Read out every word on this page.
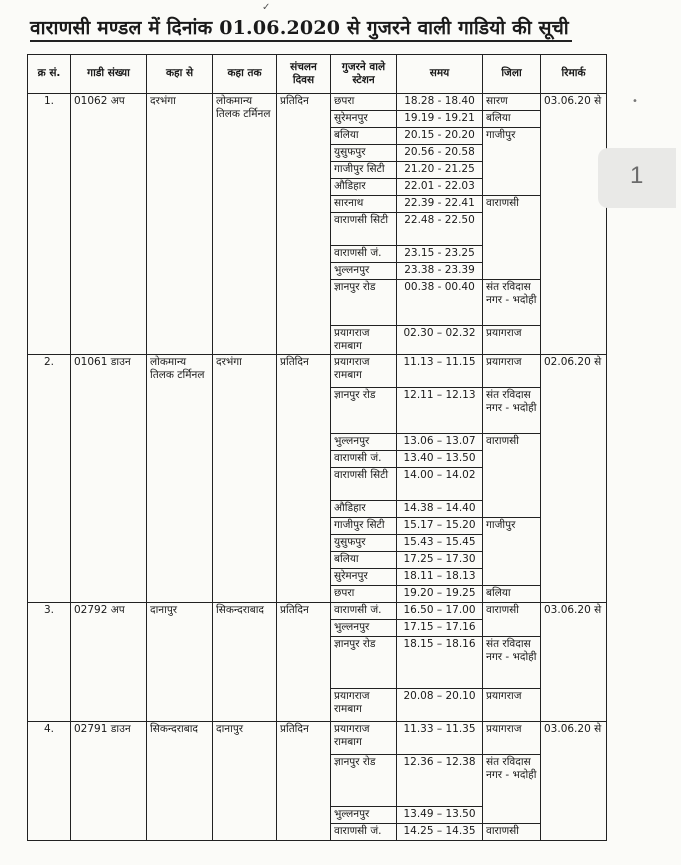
✓
वाराणसी मण्डल में दिनांक 01.06.2020 से गुजरने वाली गाडियो की सूची
•
क्र सं.	गाडी संख्या	कहा से	कहा तक	संचलन दिवस	गुजरने वाले स्टेशन	समय	जिला	रिमार्क
1.	01062 अप	दरभंगा	लोकमान्य तिलक टर्मिनल	प्रतिदिन	छपरा	18.28 - 18.40	सारण	03.06.20 से
					सुरेमनपुर	19.19 - 19.21	बलिया	
					बलिया	20.15 - 20.20	गाजीपुर	
					युसुफपुर	20.56 - 20.58		
					गाजीपुर सिटी	21.20 - 21.25		
					औडिहार	22.01 - 22.03		
					सारनाथ	22.39 - 22.41	वाराणसी	
					वाराणसी सिटी	22.48 - 22.50		
					वाराणसी जं.	23.15 - 23.25		
					भुल्लनपुर	23.38 - 23.39		
					ज्ञानपुर रोड	00.38 - 00.40	संत रविदास नगर - भदोही	
					प्रयागराज रामबाग	02.30 – 02.32	प्रयागराज	
2.	01061 डाउन	लोकमान्य तिलक टर्मिनल	दरभंगा	प्रतिदिन	प्रयागराज रामबाग	11.13 – 11.15	प्रयागराज	02.06.20 से
					ज्ञानपुर रोड	12.11 – 12.13	संत रविदास नगर - भदोही	
					भुल्लनपुर	13.06 – 13.07	वाराणसी	
					वाराणसी जं.	13.40 – 13.50		
					वाराणसी सिटी	14.00 – 14.02		
					औडिहार	14.38 – 14.40		
					गाजीपुर सिटी	15.17 – 15.20	गाजीपुर	
					युसुफपुर	15.43 – 15.45		
					बलिया	17.25 – 17.30		
					सुरेमनपुर	18.11 – 18.13		
					छपरा	19.20 – 19.25	बलिया	
3.	02792 अप	दानापुर	सिकन्दराबाद	प्रतिदिन	वाराणसी जं.	16.50 – 17.00	वाराणसी	03.06.20 से
					भुल्लनपुर	17.15 – 17.16		
					ज्ञानपुर रोड	18.15 – 18.16	संत रविदास नगर - भदोही	
					प्रयागराज रामबाग	20.08 – 20.10	प्रयागराज	
4.	02791 डाउन	सिकन्दराबाद	दानापुर	प्रतिदिन	प्रयागराज रामबाग	11.33 – 11.35	प्रयागराज	03.06.20 से
					ज्ञानपुर रोड	12.36 – 12.38	संत रविदास नगर - भदोही	
					भुल्लनपुर	13.49 – 13.50		
					वाराणसी जं.	14.25 – 14.35	वाराणसी	
1
